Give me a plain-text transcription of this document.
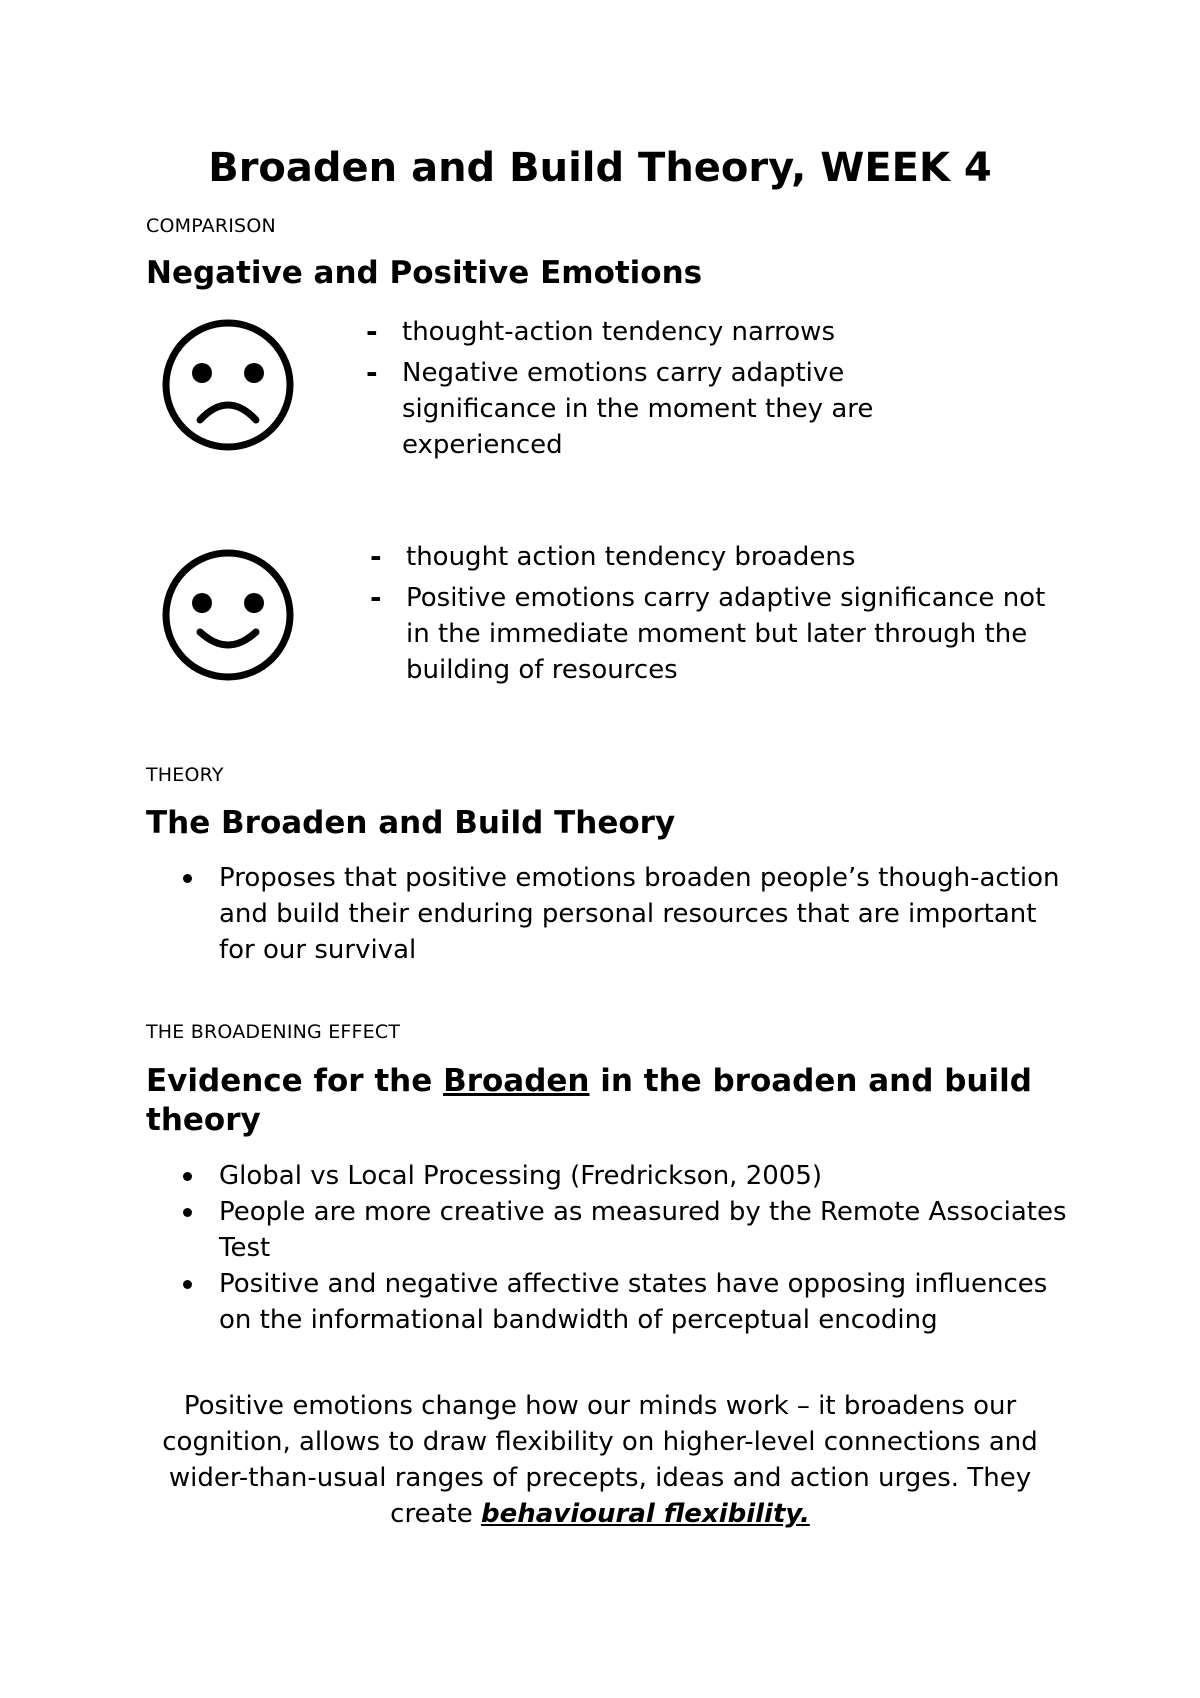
Broaden and Build Theory, WEEK 4

COMPARISON

Negative and Positive Emotions
- thought-action tendency narrows
- Negative emotions carry adaptive significance in the moment they are experienced
- thought action tendency broadens
- Positive emotions carry adaptive significance not in the immediate moment but later through the building of resources

THEORY

The Broaden and Build Theory
Proposes that positive emotions broaden people’s though-action and build their enduring personal resources that are important for our survival

THE BROADENING EFFECT

Evidence for the Broaden in the broaden and build theory
Global vs Local Processing (Fredrickson, 2005)
People are more creative as measured by the Remote Associates Test
Positive and negative affective states have opposing influences on the informational bandwidth of perceptual encoding

Positive emotions change how our minds work – it broadens our cognition, allows to draw flexibility on higher-level connections and wider-than-usual ranges of precepts, ideas and action urges. They create behavioural flexibility.
